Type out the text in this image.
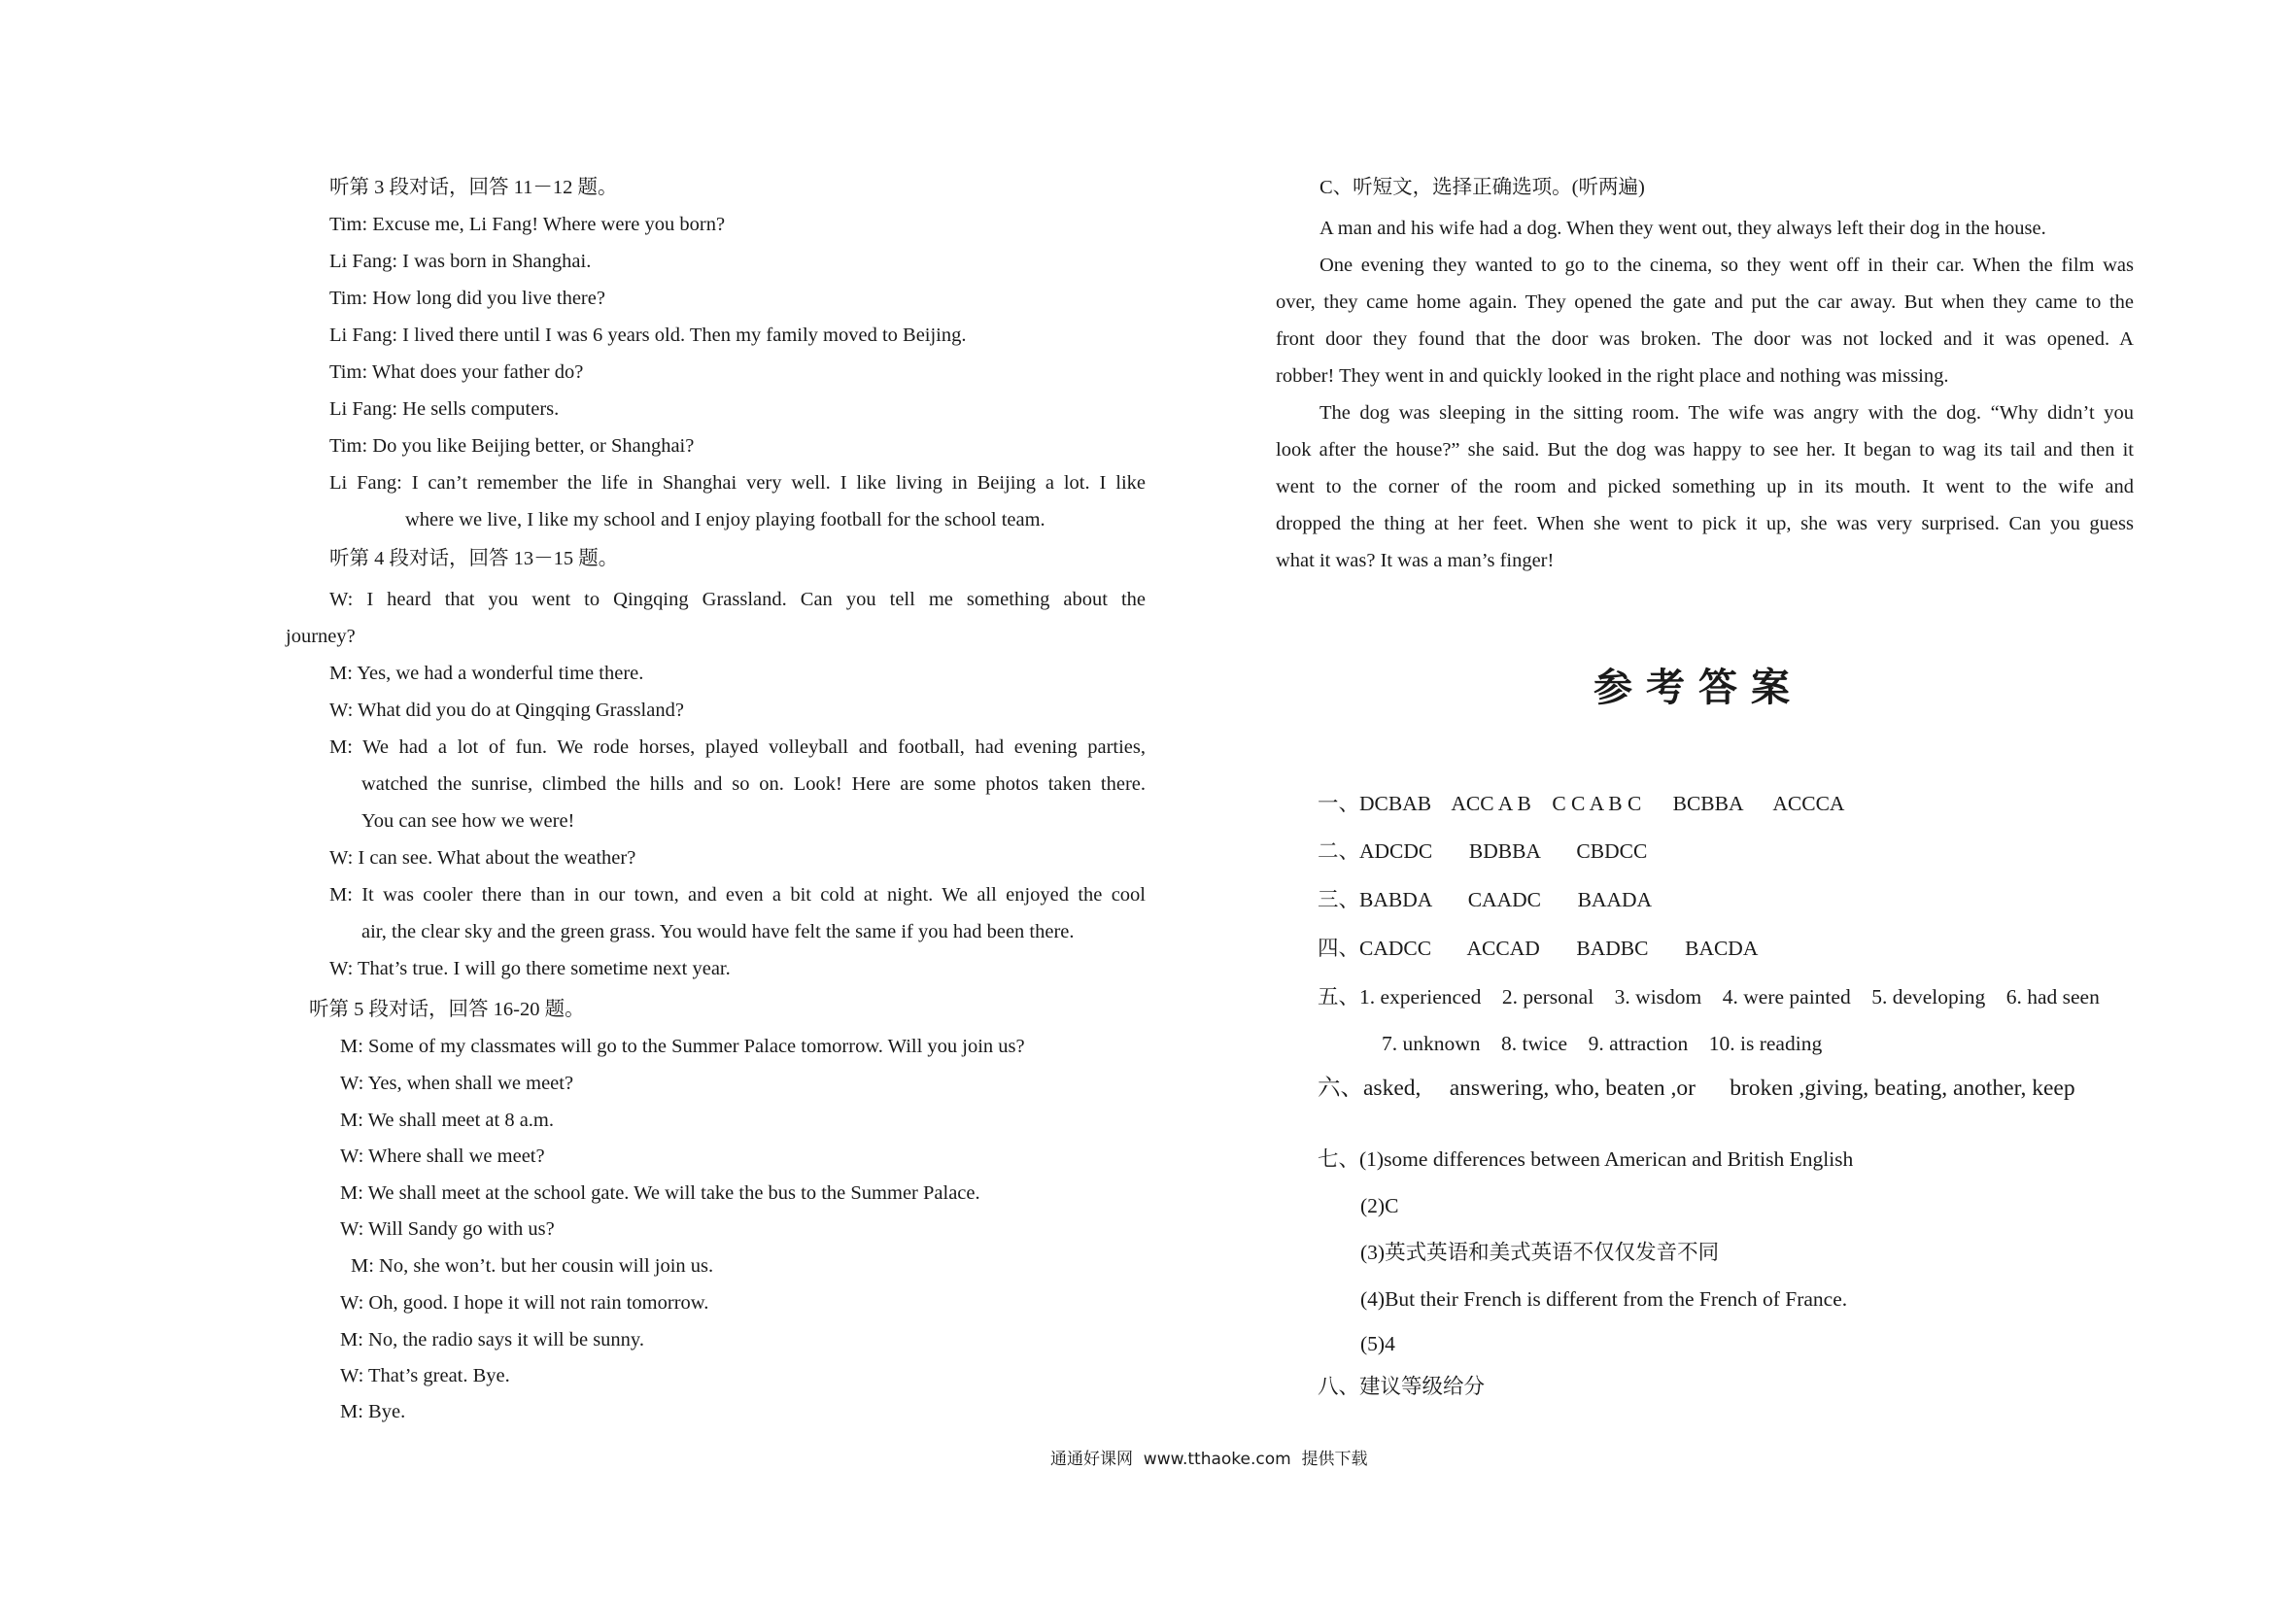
听第 3 段对话，回答 11－12 题。
Tim: Excuse me, Li Fang! Where were you born?
Li Fang: I was born in Shanghai.
Tim: How long did you live there?
Li Fang: I lived there until I was 6 years old. Then my family moved to Beijing.
Tim: What does your father do?
Li Fang: He sells computers.
Tim: Do you like Beijing better, or Shanghai?
Li Fang: I can’t remember the life in Shanghai very well. I like living in Beijing a lot. I like
where we live, I like my school and I enjoy playing football for the school team.
听第 4 段对话，回答 13－15 题。
W: I heard that you went to Qingqing Grassland. Can you tell me something about the
journey?
M: Yes, we had a wonderful time there.
W: What did you do at Qingqing Grassland?
M: We had a lot of fun. We rode horses, played volleyball and football, had evening parties,
watched the sunrise, climbed the hills and so on. Look! Here are some photos taken there.
You can see how we were!
W: I can see. What about the weather?
M: It was cooler there than in our town, and even a bit cold at night. We all enjoyed the cool
air, the clear sky and the green grass. You would have felt the same if you had been there.
W: That’s true. I will go there sometime next year.
听第 5 段对话，回答 16-20 题。
M: Some of my classmates will go to the Summer Palace tomorrow. Will you join us?
W: Yes, when shall we meet?
M: We shall meet at 8 a.m.
W: Where shall we meet?
M: We shall meet at the school gate. We will take the bus to the Summer Palace.
W: Will Sandy go with us?
M: No, she won’t. but her cousin will join us.
W: Oh, good. I hope it will not rain tomorrow.
M: No, the radio says it will be sunny.
W: That’s great. Bye.
M: Bye.
C、听短文，选择正确选项。(听两遍)
A man and his wife had a dog. When they went out, they always left their dog in the house.
One evening they wanted to go to the cinema, so they went off in their car. When the film was
over, they came home again. They opened the gate and put the car away. But when they came to the
front door they found that the door was broken. The door was not locked and it was opened. A
robber! They went in and quickly looked in the right place and nothing was missing.
The dog was sleeping in the sitting room. The wife was angry with the dog. “Why didn’t you
look after the house?” she said. But the dog was happy to see her. It began to wag its tail and then it
went to the corner of the room and picked something up in its mouth. It went to the wife and
dropped the thing at her feet. When she went to pick it up, she was very surprised. Can you guess
what it was? It was a man’s finger!
参考答案
一、DCBAB    ACC A B    C C A B C      BCBBA      ACCCA
二、ADCDC       BDBBA       CBDCC
三、BABDA       CAADC       BAADA
四、CADCC       ACCAD       BADBC       BACDA
五、1. experienced    2. personal    3. wisdom    4. were painted    5. developing    6. had seen
7. unknown    8. twice    9. attraction    10. is reading
六、asked,     answering, who, beaten ,or      broken ,giving, beating, another, keep
七、(1)some differences between American and British English
(2)C
(3)英式英语和美式英语不仅仅发音不同
(4)But their French is different from the French of France.
(5)4
八、建议等级给分
通通好课网  www.tthaoke.com  提供下载
